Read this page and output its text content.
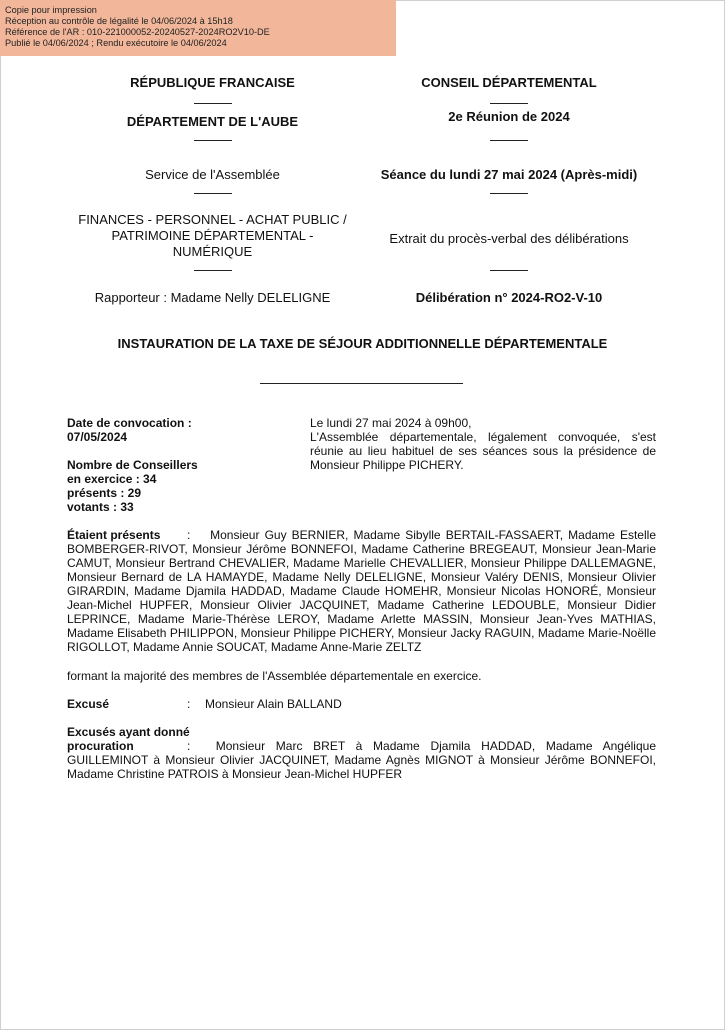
Copie pour impression
Réception au contrôle de légalité le 04/06/2024 à 15h18
Référence de l'AR : 010-221000052-20240527-2024RO2V10-DE
Publié le 04/06/2024 ; Rendu exécutoire le 04/06/2024
RÉPUBLIQUE FRANCAISE
DÉPARTEMENT DE L'AUBE
Service de l'Assemblée
FINANCES - PERSONNEL - ACHAT PUBLIC /
PATRIMOINE DÉPARTEMENTAL -
NUMÉRIQUE
Rapporteur : Madame Nelly DELELIGNE
CONSEIL DÉPARTEMENTAL
2e Réunion de 2024
Séance du lundi 27 mai 2024 (Après-midi)
Extrait du procès-verbal des délibérations
Délibération n° 2024-RO2-V-10
INSTAURATION DE LA TAXE DE SÉJOUR ADDITIONNELLE DÉPARTEMENTALE
Date de convocation :
07/05/2024
Nombre de Conseillers
en exercice : 34
présents : 29
votants : 33
Le lundi 27 mai 2024 à 09h00,
L'Assemblée départementale, légalement convoquée, s'est réunie au lieu habituel de ses séances sous la présidence de Monsieur Philippe PICHERY.
Étaient présents : Monsieur Guy BERNIER, Madame Sibylle BERTAIL-FASSAERT, Madame Estelle BOMBERGER-RIVOT, Monsieur Jérôme BONNEFOI, Madame Catherine BREGEAUT, Monsieur Jean-Marie CAMUT, Monsieur Bertrand CHEVALIER, Madame Marielle CHEVALLIER, Monsieur Philippe DALLEMAGNE, Monsieur Bernard de LA HAMAYDE, Madame Nelly DELELIGNE, Monsieur Valéry DENIS, Monsieur Olivier GIRARDIN, Madame Djamila HADDAD, Madame Claude HOMEHR, Monsieur Nicolas HONORÉ, Monsieur Jean-Michel HUPFER, Monsieur Olivier JACQUINET, Madame Catherine LEDOUBLE, Monsieur Didier LEPRINCE, Madame Marie-Thérèse LEROY, Madame Arlette MASSIN, Monsieur Jean-Yves MATHIAS, Madame Elisabeth PHILIPPON, Monsieur Philippe PICHERY, Monsieur Jacky RAGUIN, Madame Marie-Noëlle RIGOLLOT, Madame Annie SOUCAT, Madame Anne-Marie ZELTZ
formant la majorité des membres de l'Assemblée départementale en exercice.
Excusé	: Monsieur Alain BALLAND
Excusés ayant donné
procuration	: Monsieur Marc BRET à Madame Djamila HADDAD, Madame Angélique GUILLEMINOT à Monsieur Olivier JACQUINET, Madame Agnès MIGNOT à Monsieur Jérôme BONNEFOI, Madame Christine PATROIS à Monsieur Jean-Michel HUPFER
